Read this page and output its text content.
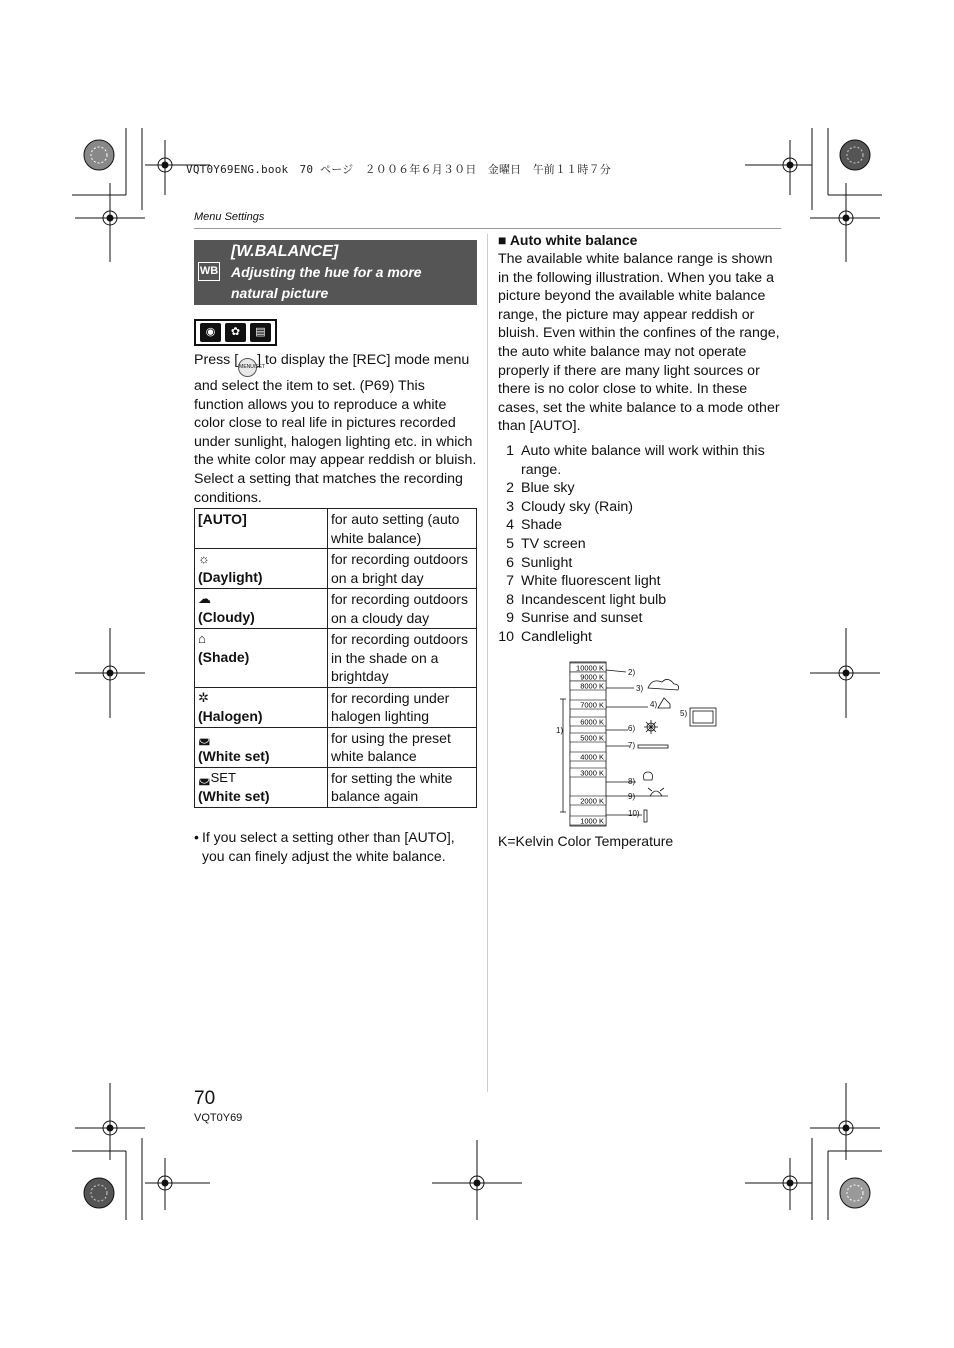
VQT0Y69ENG.book　70 ページ　２００６年６月３０日　金曜日　午前１１時７分
Menu Settings
WB
[W.BALANCE]
Adjusting the hue for a more
natural picture
◉	✿	▤
Press [MENU/SET] to display the [REC] mode menu and select the item to set. (P69) This function allows you to reproduce a white color close to real life in pictures recorded under sunlight, halogen lighting etc. in which the white color may appear reddish or bluish. Select a setting that matches the recording conditions.
[AUTO]	for auto setting (auto white balance)

☼
(Daylight)	for recording outdoors on a bright day

☁
(Cloudy)	for recording outdoors on a cloudy day

⌂
(Shade)	for recording outdoors in the shade on a brightday

✲
(Halogen)	for recording under halogen lighting

◛
(White set)	for using the preset white balance

◛SET
(White set)	for setting the white balance again
• If you select a setting other than [AUTO], you can finely adjust the white balance.
■ Auto white balance
The available white balance range is shown in the following illustration. When you take a picture beyond the available white balance range, the picture may appear reddish or bluish. Even within the confines of the range, the auto white balance may not operate properly if there are many light sources or there is no color close to white. In these cases, set the white balance to a mode other than [AUTO].
1 Auto white balance will work within this range.
2 Blue sky
3 Cloudy sky (Rain)
4 Shade
5 TV screen
6 Sunlight
7 White fluorescent light
8 Incandescent light bulb
9 Sunrise and sunset
10 Candlelight
10000 K
9000 K
8000 K
7000 K
6000 K
5000 K
4000 K
3000 K
2000 K
1000 K
1)
2)
3)
4)
5)
6)
7)
8)
9)
10)
K=Kelvin Color Temperature
70
VQT0Y69
